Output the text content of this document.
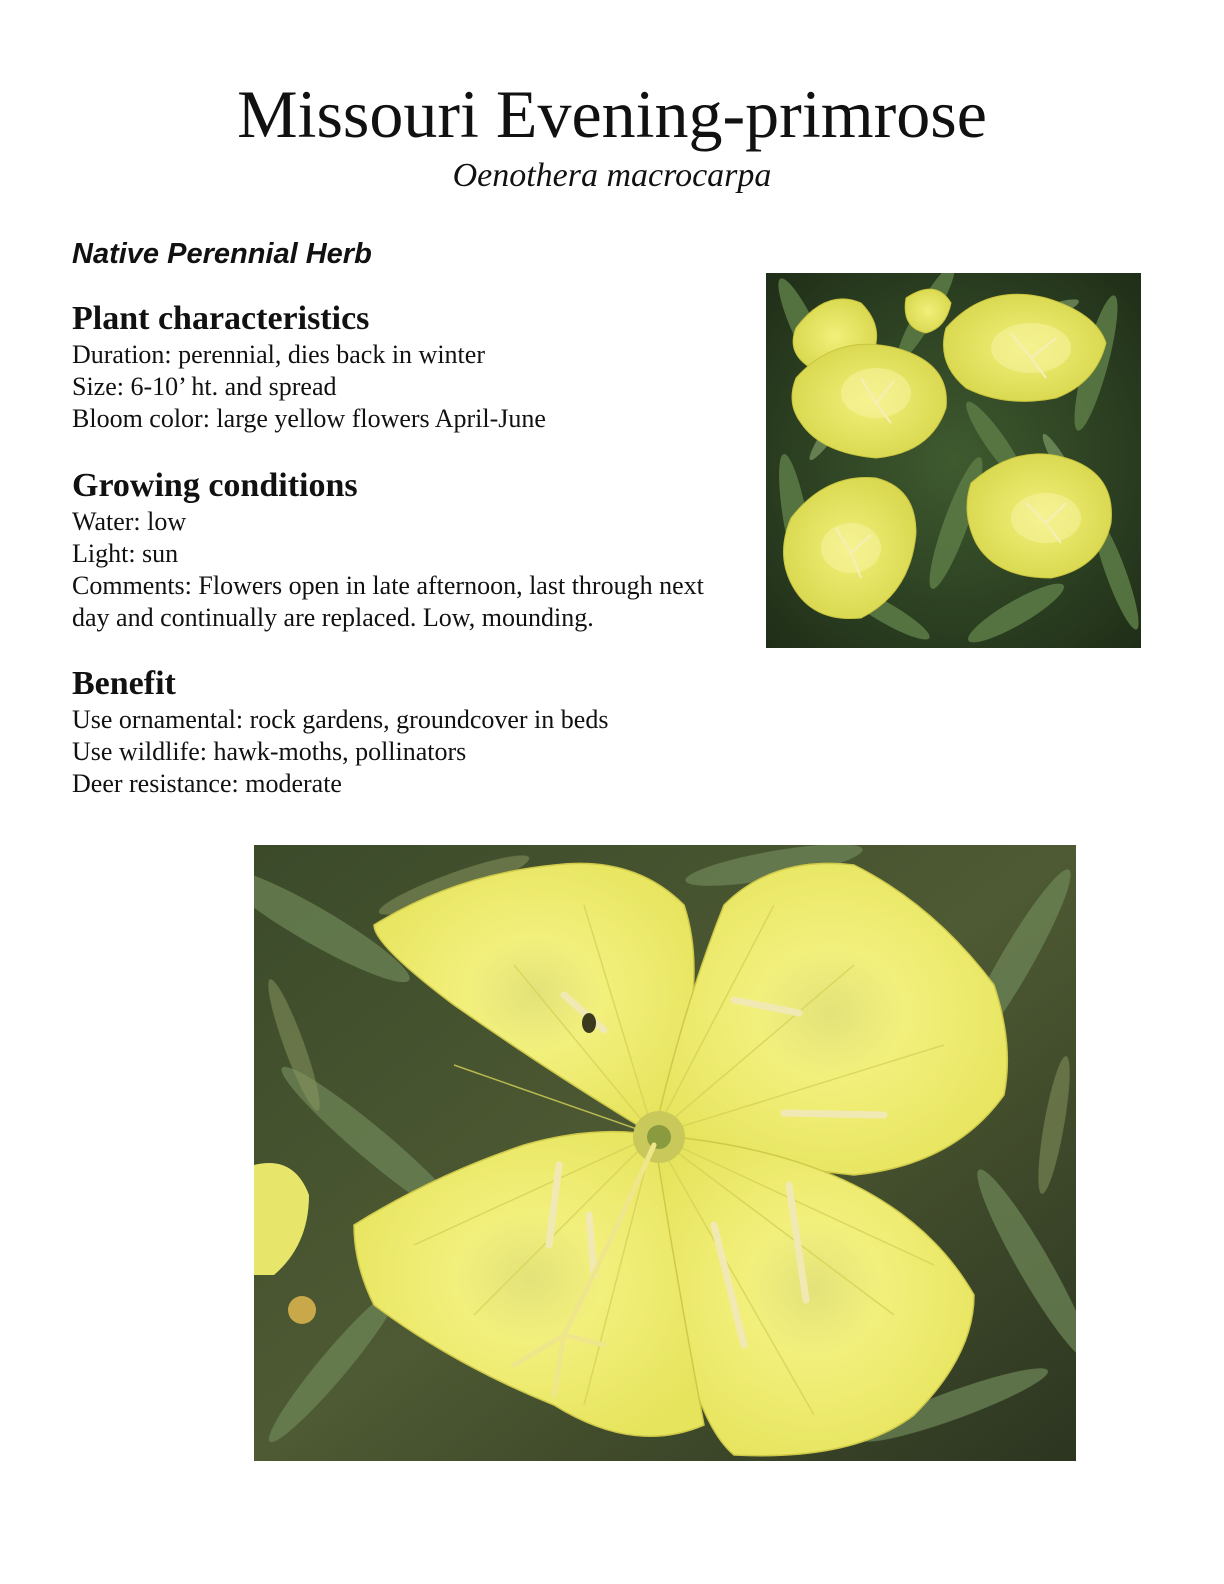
Missouri Evening-primrose
Oenothera macrocarpa
Native Perennial Herb
Plant characteristics
Duration: perennial, dies back in winter
Size: 6-10’ ht. and spread
Bloom color: large yellow flowers April-June
Growing conditions
Water: low
Light: sun
Comments: Flowers open in late afternoon, last through next day and continually are replaced. Low, mounding.
Benefit
Use ornamental: rock gardens, groundcover in beds
Use wildlife: hawk-moths, pollinators
Deer resistance: moderate
